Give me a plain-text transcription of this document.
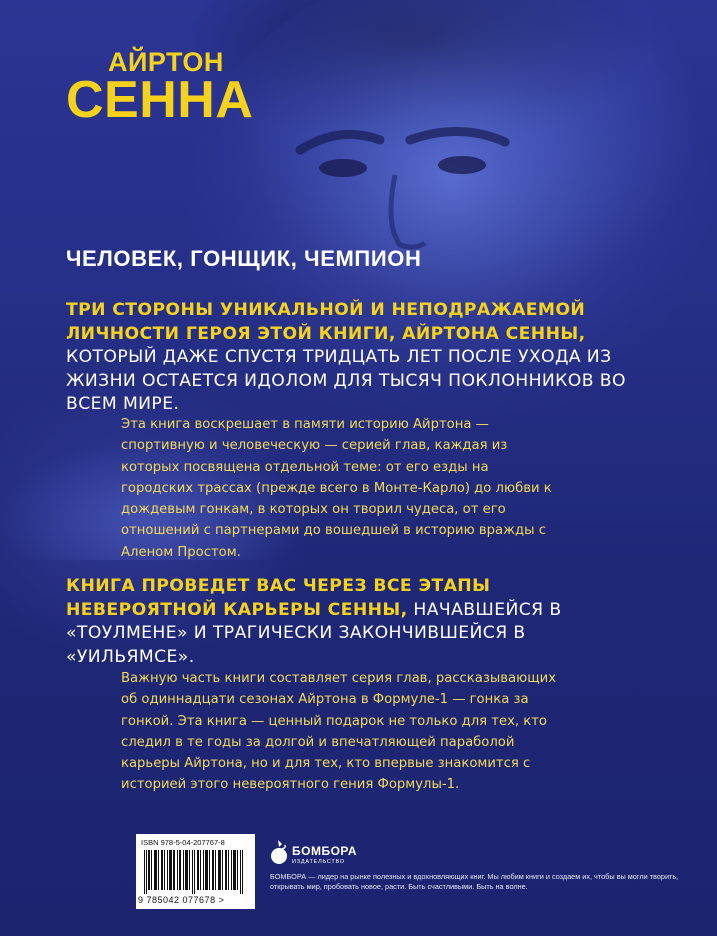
АЙРТОН
СЕННА
ЧЕЛОВЕК, ГОНЩИК, ЧЕМПИОН
ТРИ СТОРОНЫ УНИКАЛЬНОЙ И НЕПОДРАЖАЕМОЙ ЛИЧНОСТИ ГЕРОЯ ЭТОЙ КНИГИ, АЙРТОНА СЕННЫ, КОТОРЫЙ ДАЖЕ СПУСТЯ ТРИДЦАТЬ ЛЕТ ПОСЛЕ УХОДА ИЗ ЖИЗНИ ОСТАЕТСЯ ИДОЛОМ ДЛЯ ТЫСЯЧ ПОКЛОННИКОВ ВО ВСЕМ МИРЕ.
Эта книга воскрешает в памяти историю Айртона — спортивную и человеческую — серией глав, каждая из которых посвящена отдельной теме: от его езды на городских трассах (прежде всего в Монте-Карло) до любви к дождевым гонкам, в которых он творил чудеса, от его отношений с партнерами до вошедшей в историю вражды с Аленом Простом.
КНИГА ПРОВЕДЕТ ВАС ЧЕРЕЗ ВСЕ ЭТАПЫ НЕВЕРОЯТНОЙ КАРЬЕРЫ СЕННЫ, НАЧАВШЕЙСЯ В «ТОУЛМЕНЕ» И ТРАГИЧЕСКИ ЗАКОНЧИВШЕЙСЯ В «УИЛЬЯМСЕ».
Важную часть книги составляет серия глав, рассказывающих об одиннадцати сезонах Айртона в Формуле-1 — гонка за гонкой. Эта книга — ценный подарок не только для тех, кто следил в те годы за долгой и впечатляющей параболой карьеры Айртона, но и для тех, кто впервые знакомится с историей этого невероятного гения Формулы-1.
ISBN 978-5-04-207767-8
9 785042 077678 >
БОМБОРА
ИЗДАТЕЛЬСТВО
БОМБОРА — лидер на рынке полезных и вдохновляющих книг. Мы любим книги и создаем их, чтобы вы могли творить, открывать мир, пробовать новое, расти. Быть счастливыми. Быть на волне.
